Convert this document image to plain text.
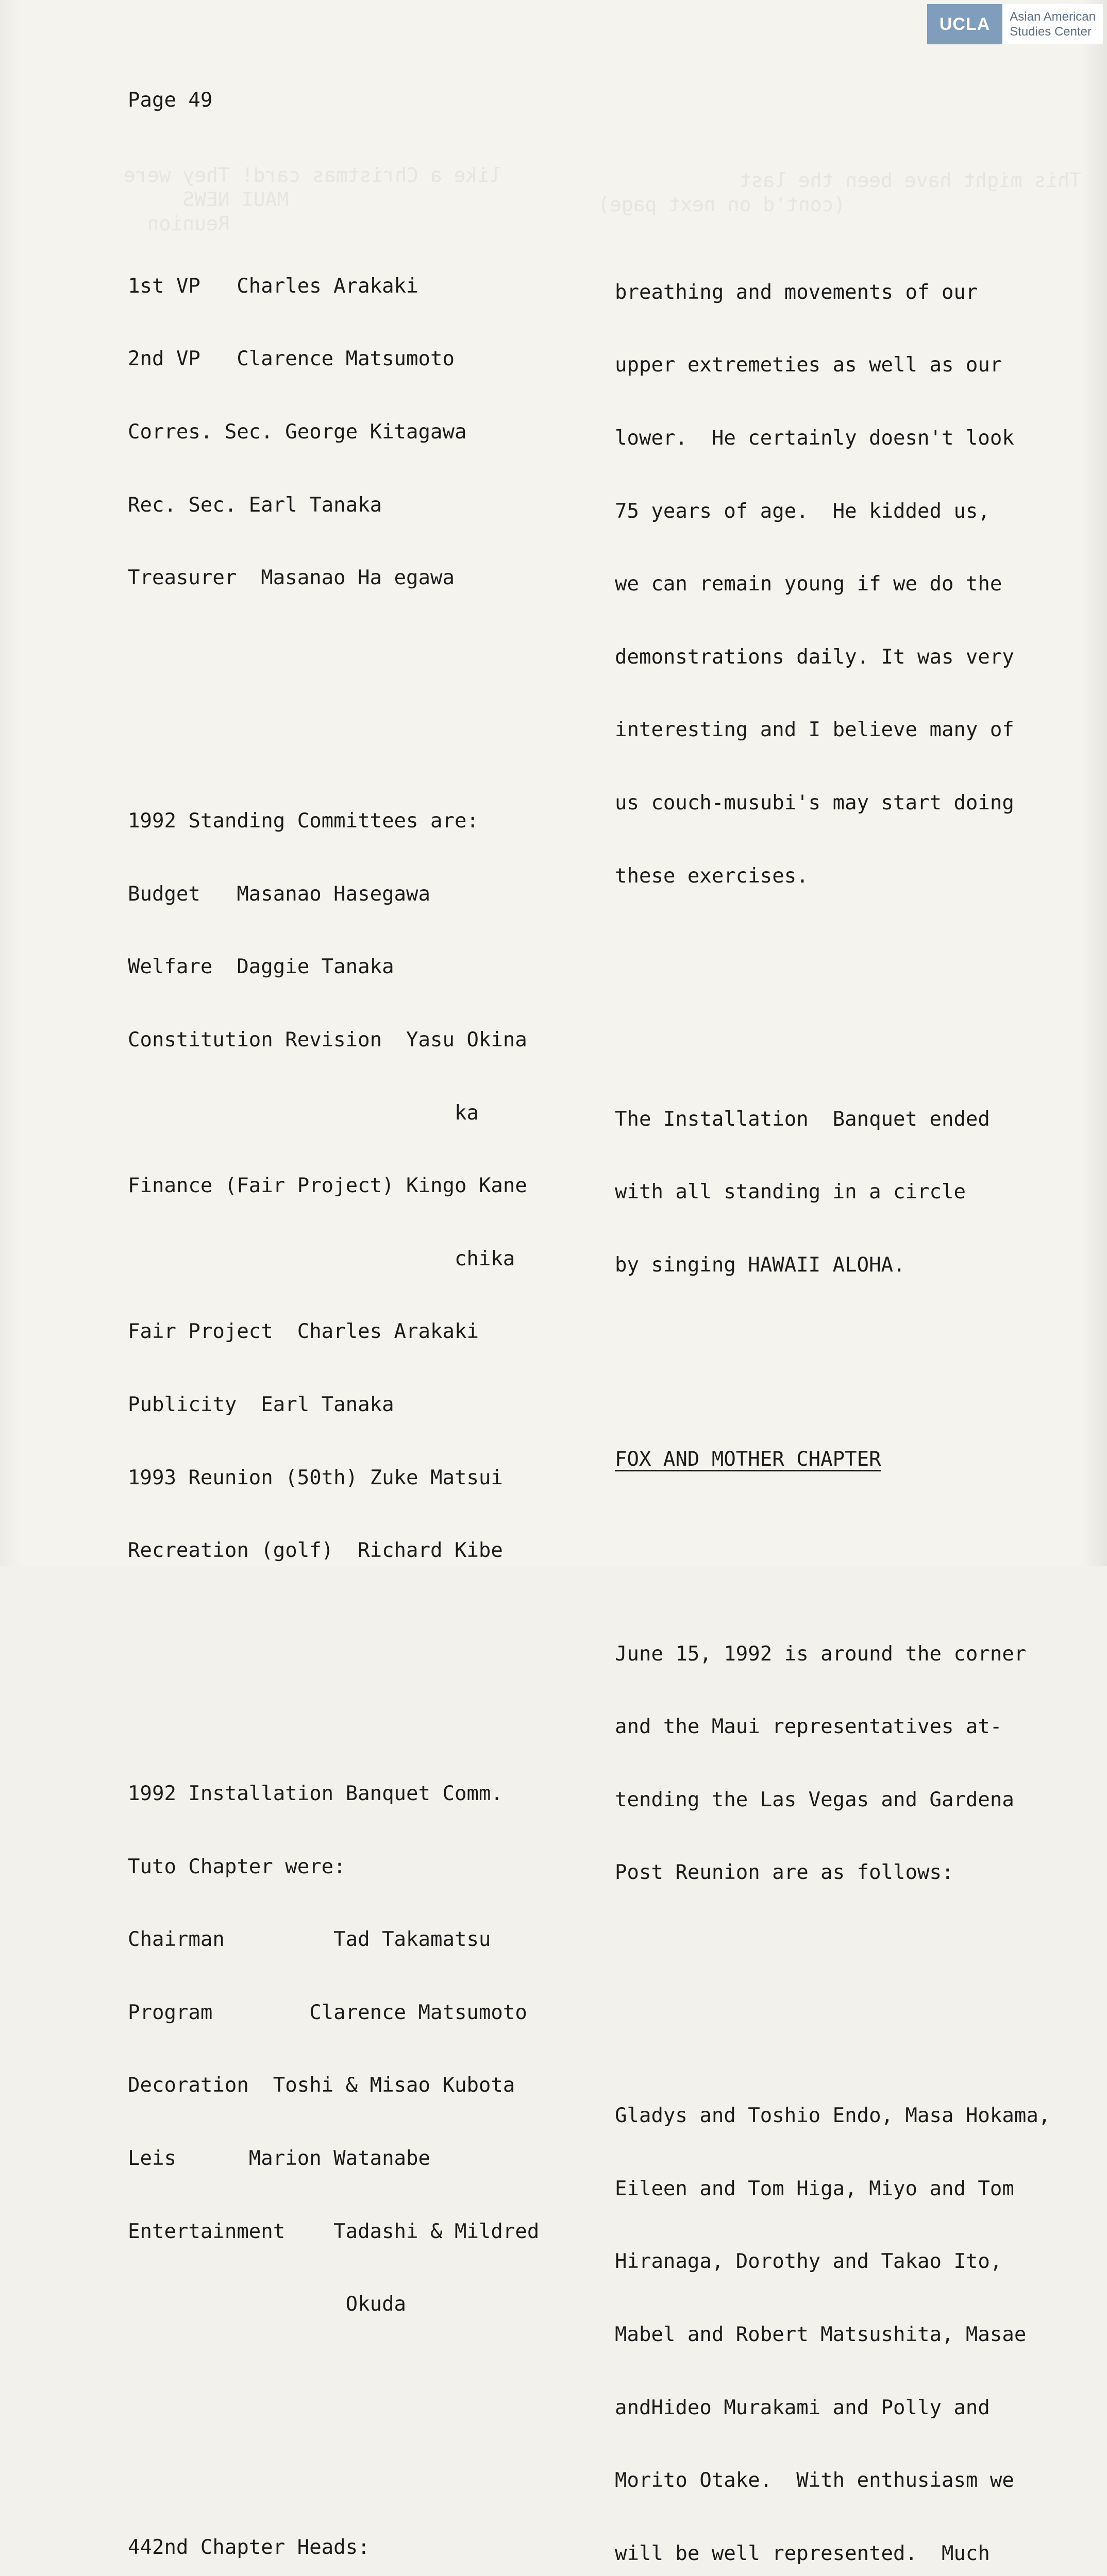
like a Christmas card! They were
MAUI NEWS
Reunion

This might have been the last
(cont'd on next page)

UCLA	Asian American
Studies Center
Page 49

1st VP   Charles Arakaki

2nd VP   Clarence Matsumoto

Corres. Sec. George Kitagawa

Rec. Sec. Earl Tanaka

Treasurer  Masanao Ha egawa

1992 Standing Committees are:

Budget   Masanao Hasegawa

Welfare  Daggie Tanaka

Constitution Revision  Yasu Okina

ka

Finance (Fair Project) Kingo Kane

chika

Fair Project  Charles Arakaki

Publicity  Earl Tanaka

1993 Reunion (50th) Zuke Matsui

Recreation (golf)  Richard Kibe

1992 Installation Banquet Comm.

Tuto Chapter were:

Chairman         Tad Takamatsu

Program        Clarence Matsumoto

Decoration  Toshi & Misao Kubota

Leis      Marion Watanabe

Entertainment    Tadashi & Mildred

Okuda

442nd Chapter Heads:

breathing and movements of our

upper extremeties as well as our

lower.  He certainly doesn't look

75 years of age.  He kidded us,

we can remain young if we do the

demonstrations daily. It was very

interesting and I believe many of

us couch-musubi's may start doing

these exercises.

The Installation  Banquet ended

with all standing in a circle

by singing HAWAII ALOHA.

FOX AND MOTHER CHAPTER

June 15, 1992 is around the corner

and the Maui representatives at-

tending the Las Vegas and Gardena

Post Reunion are as follows:

Gladys and Toshio Endo, Masa Hokama,

Eileen and Tom Higa, Miyo and Tom

Hiranaga, Dorothy and Takao Ito,

Mabel and Robert Matsushita, Masae

andHideo Murakami and Polly and

Morito Otake.  With enthusiasm we

will be well represented.  Much
